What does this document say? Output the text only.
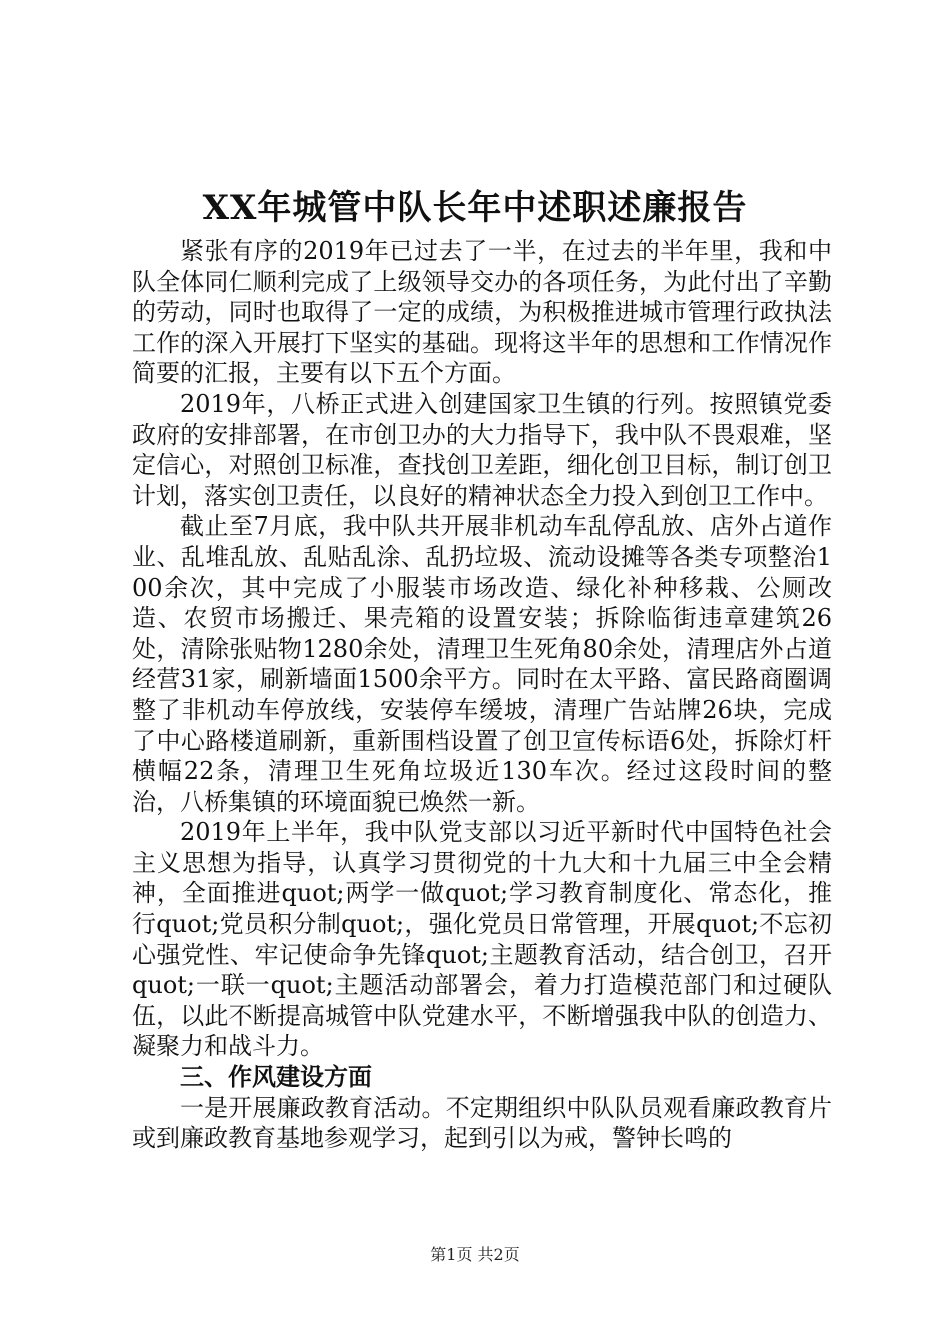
XX年城管中队长年中述职述廉报告

紧张有序的2019年已过去了一半，在过去的半年里，我和中队全体同仁顺利完成了上级领导交办的各项任务，为此付出了辛勤的劳动，同时也取得了一定的成绩，为积极推进城市管理行政执法工作的深入开展打下坚实的基础。现将这半年的思想和工作情况作简要的汇报，主要有以下五个方面。

2019年，八桥正式进入创建国家卫生镇的行列。按照镇党委政府的安排部署，在市创卫办的大力指导下，我中队不畏艰难，坚定信心，对照创卫标准，查找创卫差距，细化创卫目标，制订创卫计划，落实创卫责任，以良好的精神状态全力投入到创卫工作中。

截止至7月底，我中队共开展非机动车乱停乱放、店外占道作业、乱堆乱放、乱贴乱涂、乱扔垃圾、流动设摊等各类专项整治100余次，其中完成了小服装市场改造、绿化补种移栽、公厕改造、农贸市场搬迁、果壳箱的设置安装；拆除临街违章建筑26处，清除张贴物1280余处，清理卫生死角80余处，清理店外占道经营31家，刷新墙面1500余平方。同时在太平路、富民路商圈调整了非机动车停放线，安装停车缓坡，清理广告站牌26块，完成了中心路楼道刷新，重新围档设置了创卫宣传标语6处，拆除灯杆横幅22条，清理卫生死角垃圾近130车次。经过这段时间的整治，八桥集镇的环境面貌已焕然一新。

2019年上半年，我中队党支部以习近平新时代中国特色社会主义思想为指导，认真学习贯彻党的十九大和十九届三中全会精神，全面推进quot;两学一做quot;学习教育制度化、常态化，推行quot;党员积分制quot;，强化党员日常管理，开展quot;不忘初心强党性、牢记使命争先锋quot;主题教育活动，结合创卫，召开quot;一联一quot;主题活动部署会，着力打造模范部门和过硬队伍，以此不断提高城管中队党建水平，不断增强我中队的创造力、凝聚力和战斗力。

三、作风建设方面

一是开展廉政教育活动。不定期组织中队队员观看廉政教育片或到廉政教育基地参观学习，起到引以为戒，警钟长鸣的

第1页 共2页
